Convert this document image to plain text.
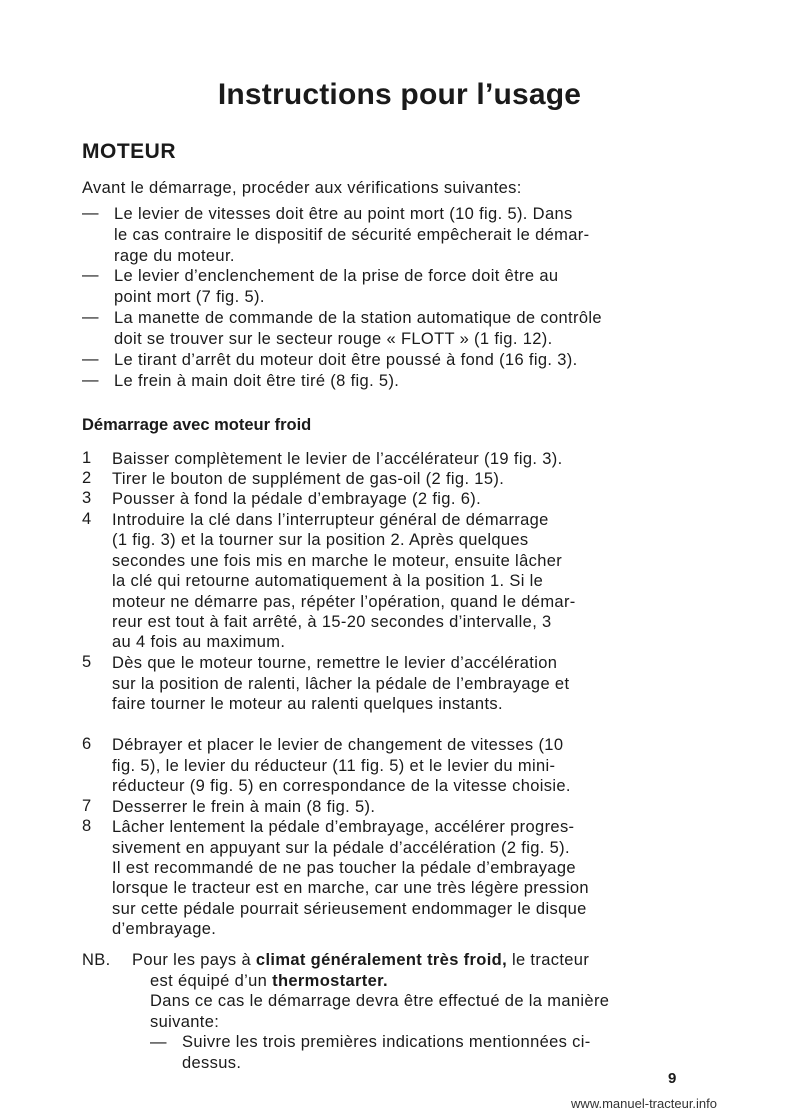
Instructions pour l’usage
MOTEUR
Avant le démarrage, procéder aux vérifications suivantes:
— Le levier de vitesses doit être au point mort (10 fig. 5). Dans
le cas contraire le dispositif de sécurité empêcherait le démar-
rage du moteur.
— Le levier d’enclenchement de la prise de force doit être au
point mort (7 fig. 5).
— La manette de commande de la station automatique de contrôle
doit se trouver sur le secteur rouge « FLOTT » (1 fig. 12).
— Le tirant d’arrêt du moteur doit être poussé à fond (16 fig. 3).
— Le frein à main doit être tiré (8 fig. 5).
Démarrage avec moteur froid
1 Baisser complètement le levier de l’accélérateur (19 fig. 3).
2 Tirer le bouton de supplément de gas-oil (2 fig. 15).
3 Pousser à fond la pédale d’embrayage (2 fig. 6).
4 Introduire la clé dans l’interrupteur général de démarrage
(1 fig. 3) et la tourner sur la position 2. Après quelques
secondes une fois mis en marche le moteur, ensuite lâcher
la clé qui retourne automatiquement à la position 1. Si le
moteur ne démarre pas, répéter l’opération, quand le démar-
reur est tout à fait arrêté, à 15-20 secondes d’intervalle, 3
au 4 fois au maximum.
5 Dès que le moteur tourne, remettre le levier d’accélération
sur la position de ralenti, lâcher la pédale de l’embrayage et
faire tourner le moteur au ralenti quelques instants.
6 Débrayer et placer le levier de changement de vitesses (10
fig. 5), le levier du réducteur (11 fig. 5) et le levier du mini-
réducteur (9 fig. 5) en correspondance de la vitesse choisie.
7 Desserrer le frein à main (8 fig. 5).
8 Lâcher lentement la pédale d’embrayage, accélérer progres-
sivement en appuyant sur la pédale d’accélération (2 fig. 5).
Il est recommandé de ne pas toucher la pédale d’embrayage
lorsque le tracteur est en marche, car une très légère pression
sur cette pédale pourrait sérieusement endommager le disque
d’embrayage.
NB. Pour les pays à climat généralement très froid, le tracteur
est équipé d’un thermostarter.
Dans ce cas le démarrage devra être effectué de la manière
suivante:
— Suivre les trois premières indications mentionnées ci-
dessus.
9
www.manuel-tracteur.info
